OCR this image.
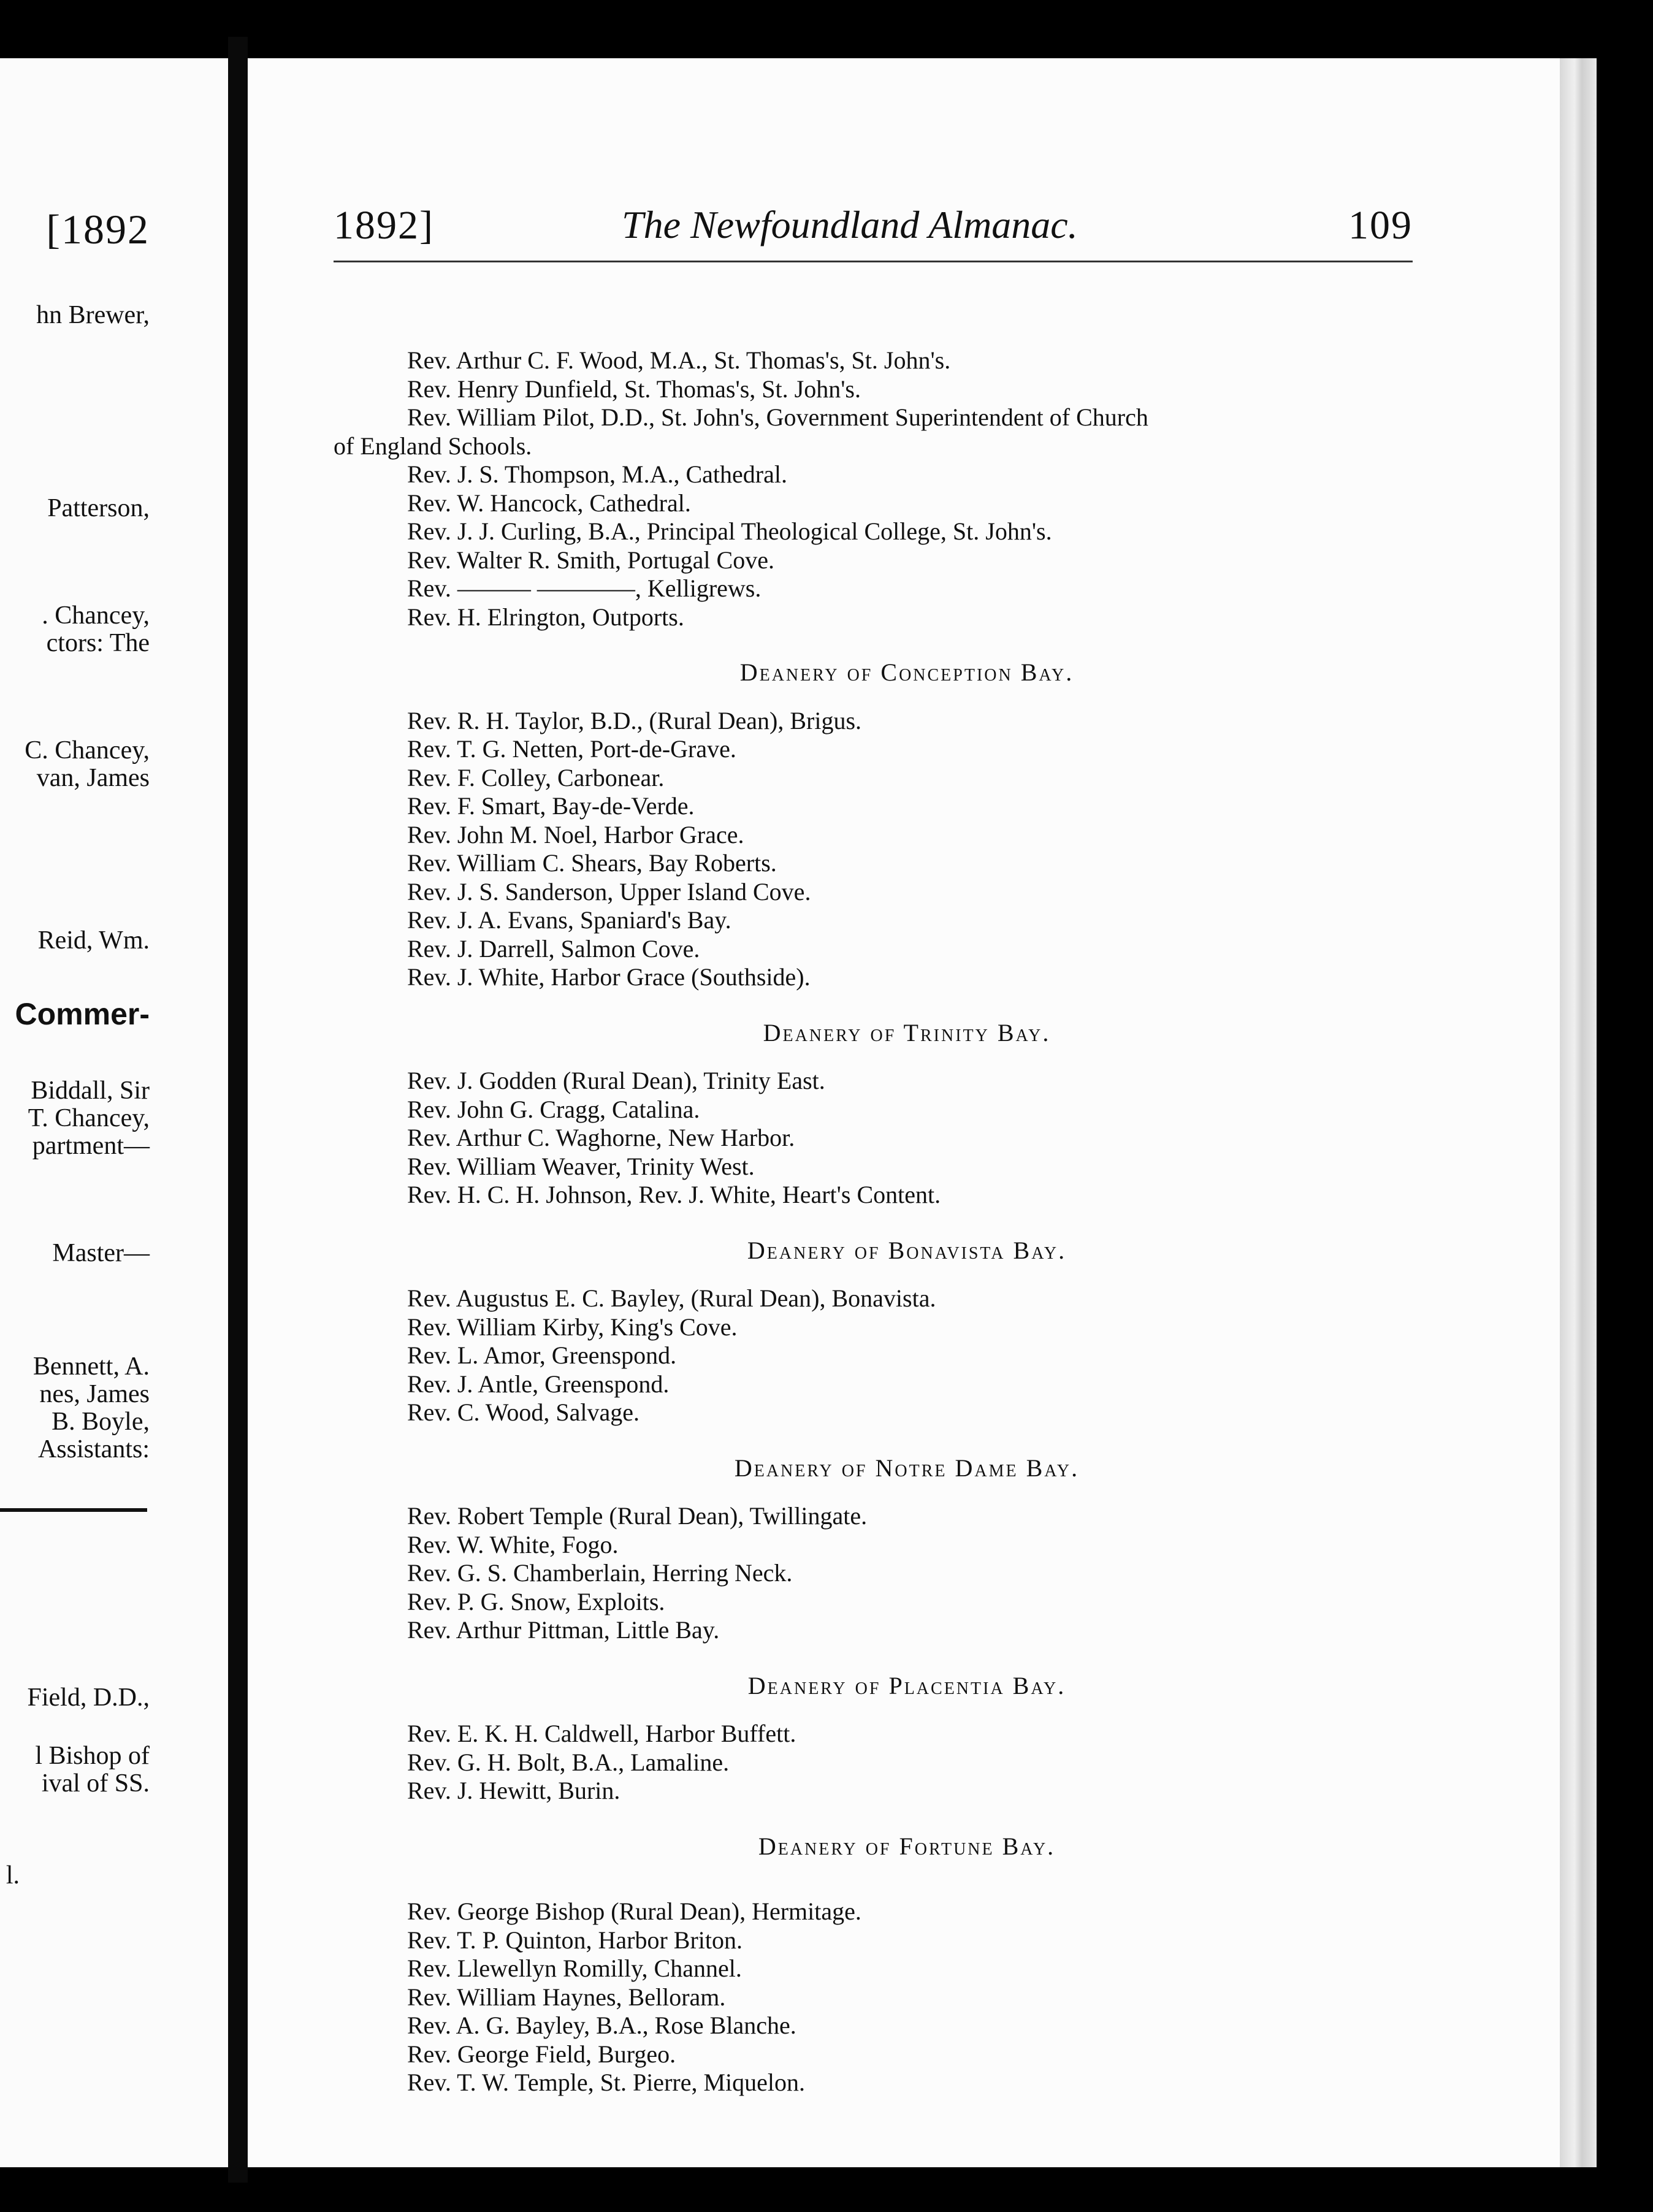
[1892
hn Brewer,
Patterson,
. Chancey,
ctors: The
C. Chancey,
van, James
Reid, Wm.
Commer-
Biddall, Sir
T. Chancey,
partment—
Master—
Bennett, A.
nes, James
B. Boyle,
Assistants:
Field, D.D.,
l Bishop of
ival of SS.
l.
1892]	The Newfoundland Almanac.	109
Rev. Arthur C. F. Wood, M.A., St. Thomas's, St. John's.
Rev. Henry Dunfield, St. Thomas's, St. John's.
Rev. William Pilot, D.D., St. John's, Government Superintendent of Church
of England Schools.
Rev. J. S. Thompson, M.A., Cathedral.
Rev. W. Hancock, Cathedral.
Rev. J. J. Curling, B.A., Principal Theological College, St. John's.
Rev. Walter R. Smith, Portugal Cove.
Rev. ——— ————, Kelligrews.
Rev. H. Elrington, Outports.
Deanery of Conception Bay.
Rev. R. H. Taylor, B.D., (Rural Dean), Brigus.
Rev. T. G. Netten, Port-de-Grave.
Rev. F. Colley, Carbonear.
Rev. F. Smart, Bay-de-Verde.
Rev. John M. Noel, Harbor Grace.
Rev. William C. Shears, Bay Roberts.
Rev. J. S. Sanderson, Upper Island Cove.
Rev. J. A. Evans, Spaniard's Bay.
Rev. J. Darrell, Salmon Cove.
Rev. J. White, Harbor Grace (Southside).
Deanery of Trinity Bay.
Rev. J. Godden (Rural Dean), Trinity East.
Rev. John G. Cragg, Catalina.
Rev. Arthur C. Waghorne, New Harbor.
Rev. William Weaver, Trinity West.
Rev. H. C. H. Johnson, Rev. J. White, Heart's Content.
Deanery of Bonavista Bay.
Rev. Augustus E. C. Bayley, (Rural Dean), Bonavista.
Rev. William Kirby, King's Cove.
Rev. L. Amor, Greenspond.
Rev. J. Antle, Greenspond.
Rev. C. Wood, Salvage.
Deanery of Notre Dame Bay.
Rev. Robert Temple (Rural Dean), Twillingate.
Rev. W. White, Fogo.
Rev. G. S. Chamberlain, Herring Neck.
Rev. P. G. Snow, Exploits.
Rev. Arthur Pittman, Little Bay.
Deanery of Placentia Bay.
Rev. E. K. H. Caldwell, Harbor Buffett.
Rev. G. H. Bolt, B.A., Lamaline.
Rev. J. Hewitt, Burin.
Deanery of Fortune Bay.
Rev. George Bishop (Rural Dean), Hermitage.
Rev. T. P. Quinton, Harbor Briton.
Rev. Llewellyn Romilly, Channel.
Rev. William Haynes, Belloram.
Rev. A. G. Bayley, B.A., Rose Blanche.
Rev. George Field, Burgeo.
Rev. T. W. Temple, St. Pierre, Miquelon.
